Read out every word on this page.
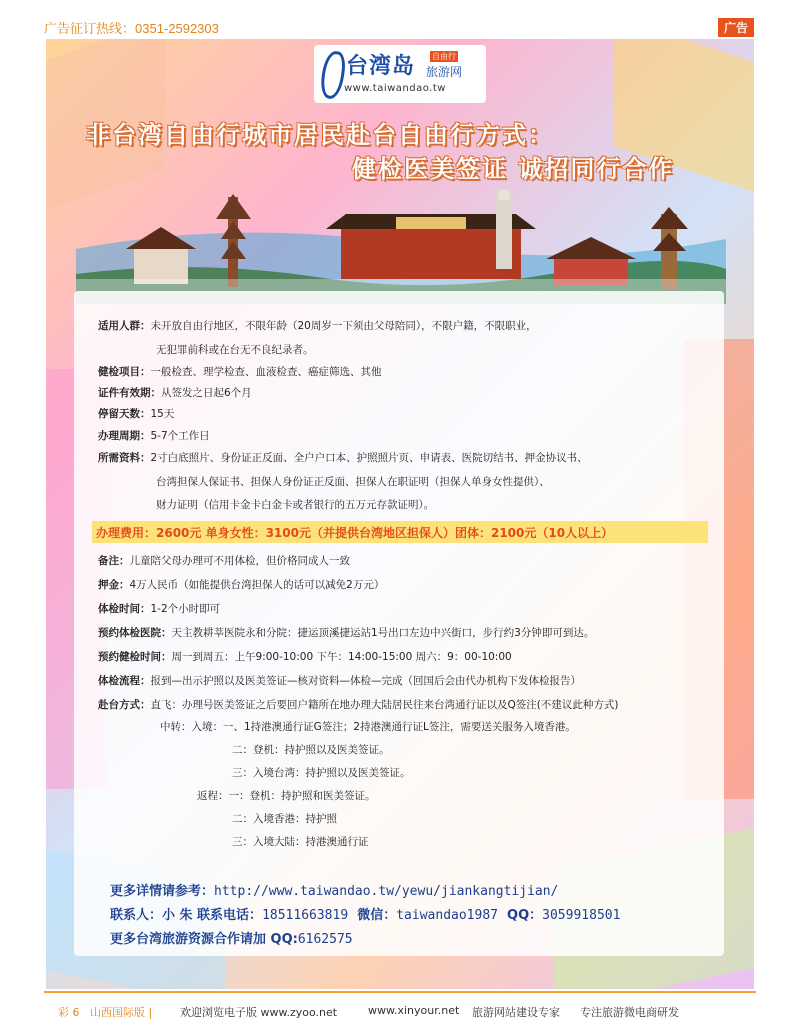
广告征订热线：0351-2592303	广告
台湾岛 自由行
旅游网
www.taiwandao.tw
非台湾自由行城市居民赴台自由行方式：
健检医美签证 诚招同行合作
适用人群：未开放自由行地区，不限年龄（20周岁一下须由父母陪同），不限户籍，不限职业，
无犯罪前科或在台无不良纪录者。
健检项目：一般检查、理学检查、血液检查、癌症筛选、其他
证件有效期：从签发之日起6个月
停留天数：15天
办理周期：5-7个工作日
所需资料：2寸白底照片、身份证正反面、全户户口本、护照照片页、申请表、医院切结书、押金协议书、
台湾担保人保证书、担保人身份证正反面、担保人在职证明（担保人单身女性提供）、
财力证明（信用卡金卡白金卡或者银行的五万元存款证明）。
办理费用：2600元 单身女性：3100元（并提供台湾地区担保人）团体：2100元（10人以上）
备注：儿童陪父母办理可不用体检，但价格同成人一致
押金：4万人民币（如能提供台湾担保人的话可以减免2万元）
体检时间：1-2个小时即可
预约体检医院：天主教耕莘医院永和分院：捷运顶溪捷运站1号出口左边中兴街口，步行约3分钟即可到达。
预约健检时间：周一到周五：上午9:00-10:00 下午：14:00-15:00 周六：9：00-10:00
体检流程：报到—出示护照以及医美签证—核对资料—体检—完成（回国后会由代办机构下发体检报告）
赴台方式：直飞：办理号医美签证之后要回户籍所在地办理大陆居民往来台湾通行证以及Q签注(不建议此种方式)
中转：入境：一、1持港澳通行证G签注；2持港澳通行证L签注，需要送关服务入境香港。
二：登机：持护照以及医美签证。
三：入境台湾：持护照以及医美签证。
返程：一：登机：持护照和医美签证。
二：入境香港：持护照
三：入境大陆：持港澳通行证
更多详情请参考：http://www.taiwandao.tw/yewu/jiankangtijian/
联系人：小 朱 联系电话：18511663819 微信：taiwandao1987 QQ：3059918501
更多台湾旅游资源合作请加 QQ:6162575
彩 6 山西国际版 |	欢迎浏览电子版 www.zyoo.net	www.xinyour.net 旅游网站建设专家 专注旅游微电商研发
